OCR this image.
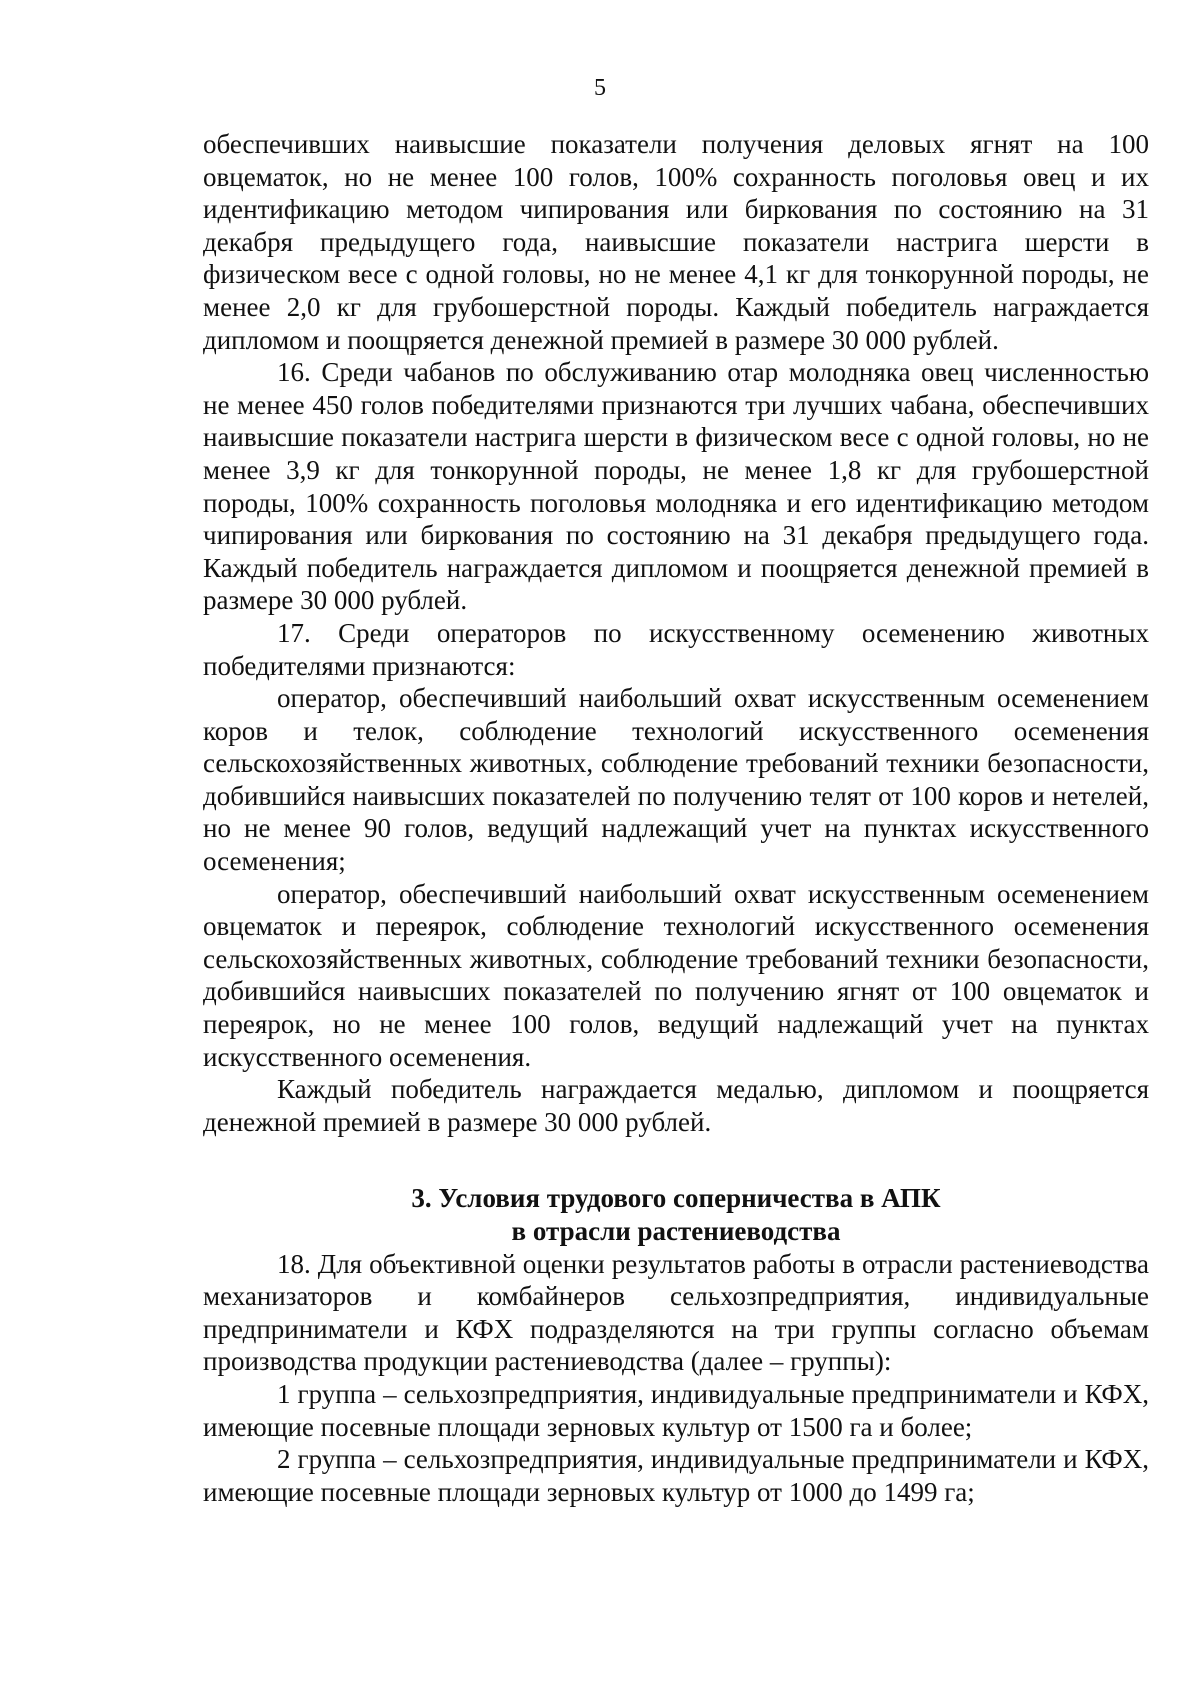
5

обеспечивших наивысшие показатели получения деловых ягнят на 100 овцематок, но не менее 100 голов, 100% сохранность поголовья овец и их идентификацию методом чипирования или биркования по состоянию на 31 декабря предыдущего года, наивысшие показатели настрига шерсти в физическом весе с одной головы, но не менее 4,1 кг для тонкорунной породы, не менее 2,0 кг для грубошерстной породы. Каждый победитель награждается дипломом и поощряется денежной премией в размере 30 000 рублей.

16. Среди чабанов по обслуживанию отар молодняка овец численностью не менее 450 голов победителями признаются три лучших чабана, обеспечивших наивысшие показатели настрига шерсти в физическом весе с одной головы, но не менее 3,9 кг для тонкорунной породы, не менее 1,8 кг для грубошерстной породы, 100% сохранность поголовья молодняка и его идентификацию методом чипирования или биркования по состоянию на 31 декабря предыдущего года. Каждый победитель награждается дипломом и поощряется денежной премией в размере 30 000 рублей.

17. Среди операторов по искусственному осеменению животных победителями признаются:

оператор, обеспечивший наибольший охват искусственным осеменением коров и телок, соблюдение технологий искусственного осеменения сельскохозяйственных животных, соблюдение требований техники безопасности, добившийся наивысших показателей по получению телят от 100 коров и нетелей, но не менее 90 голов, ведущий надлежащий учет на пунктах искусственного осеменения;

оператор, обеспечивший наибольший охват искусственным осеменением овцематок и переярок, соблюдение технологий искусственного осеменения сельскохозяйственных животных, соблюдение требований техники безопасности, добившийся наивысших показателей по получению ягнят от 100 овцематок и переярок, но не менее 100 голов, ведущий надлежащий учет на пунктах искусственного осеменения.

Каждый победитель награждается медалью, дипломом и поощряется денежной премией в размере 30 000 рублей.

3. Условия трудового соперничества в АПК
в отрасли растениеводства

18. Для объективной оценки результатов работы в отрасли растениеводства механизаторов и комбайнеров сельхозпредприятия, индивидуальные предприниматели и КФХ подразделяются на три группы согласно объемам производства продукции растениеводства (далее – группы):

1 группа – сельхозпредприятия, индивидуальные предприниматели и КФХ, имеющие посевные площади зерновых культур от 1500 га и более;

2 группа – сельхозпредприятия, индивидуальные предприниматели и КФХ, имеющие посевные площади зерновых культур от 1000 до 1499 га;
